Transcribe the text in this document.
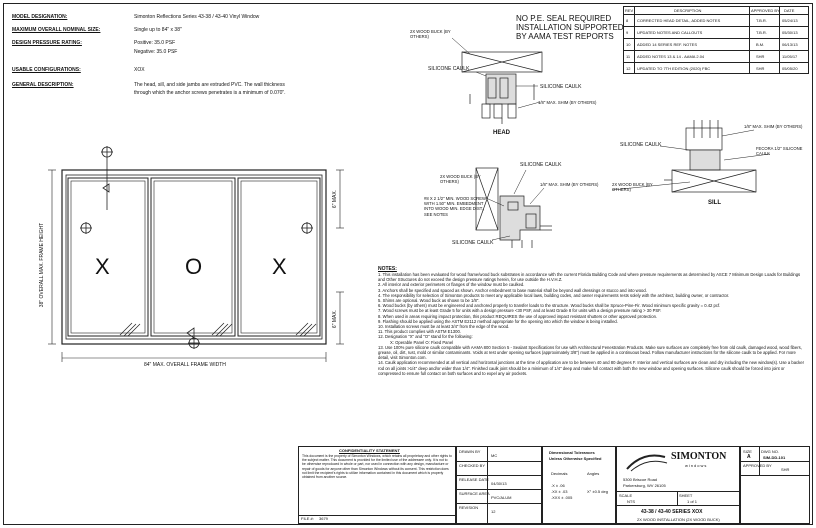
MODEL DESIGNATION:	Simonton Reflections Series 43-38 / 43-40 Vinyl Window
MAXIMUM OVERALL NOMINAL SIZE:	Single up to 84" x 38"
DESIGN PRESSURE RATING:	Positive: 35.0 PSF
Negative: 35.0 PSF
USABLE CONFIGURATIONS:	XOX
GENERAL DESCRIPTION:	The head, sill, and side jambs are extruded PVC. The wall thickness
through which the anchor screws penetrates is a minimum of 0.070".
NO P.E. SEAL REQUIRED
INSTALLATION SUPPORTED
BY AAMA TEST REPORTS
REV	DESCRIPTION	APPROVED BY DATE
8 CORRECTED HEAD DETAIL, ADDED NOTES	T.B.R.	05/24/13
9 UPDATED NOTES AND CALLOUTS	T.B.R.	05/30/13
10 ADDED 14 SERIES REF. NOTES	B.M.	06/13/13
11 ADDED NOTES 13 & 14 - AAMA 2.04	SHR	11/05/17
12 UPDATED TO 7TH EDITION (2020) FBC	SHR	05/05/20
X	O	X
84" MAX. OVERALL FRAME WIDTH
38" OVERALL MAX. FRAME HEIGHT
6" MAX.
6" MAX.
HEAD
SILL
2X WOOD BUCK (BY OTHERS)
SILICONE CAULK
SILICONE CAULK
1/8" MAX. SHIM (BY OTHERS)
SILICONE CAULK
2X WOOD BUCK (BY OTHERS)
1/8" MAX. SHIM (BY OTHERS)
#8 X 2 1/2" MIN. WOOD SCREW WITH 1.50" MIN. EMBEDMENT INTO WOOD MIN. EDGE DIST., SEE NOTES
SILICONE CAULK
SILICONE CAULK
1/8" MAX. SHIM (BY OTHERS)
FECORA 1/2" SILICONE CAULK
2X WOOD BUCK (BY OTHERS)
NOTES:
1. This installation has been evaluated for wood frame/wood buck substrates in accordance with the current Florida Building Code and where pressure requirements as determined by ASCE 7 Minimum Design Loads for Buildings and Other Structures do not exceed the design pressure ratings herein, for use outside the H.V.H.Z.
2. All interior and exterior perimeters or flanges of the window must be caulked.
3. Anchors shall be specified and spaced as shown. Anchor embedment to base material shall be beyond wall dressings or stucco and into wood.
4. The responsibility for selection of Simonton products to meet any applicable local laws, building codes, and owner requirements rests solely with the architect, building owner, or contractor.
5. Shims are optional. Wood buck as shown to be 1/8".
6. Wood bucks (by others) must be engineered and anchored properly to transfer loads to the structure. Wood bucks shall be Spruce-Pine-Fir. Wood minimum specific gravity = 0.42 pcf.
7. Wood screws must be at least Grade 5 for units with a design pressure <30 PSF, and at least Grade 8 for units with a design pressure rating > 30 PSF.
8. When used in areas requiring impact protection, this product REQUIRES the use of approved impact resistant shutters or other approved protection.
9. Flashing should be applied using the ASTM E2112 method appropriate for the opening into which the window is being installed.
10. Installation screws must be at least 3/4" from the edge of the wood.
11. This product complies with ASTM E1300.
12. Designation "X" and "O" stand for the following:
X: Operable Panel O: Fixed Panel
13. Use 100% pure silicone caulk compatible with AAMA 800 Section 5 - Sealant Specifications for use with Architectural Fenestration Products. Make sure surfaces are completely free from old caulk, damaged wood, wood fibers, grease, oil, dirt, rust, mold or similar contaminants. Voids at rest under opening surfaces (approximately 3/8") must be applied in a continuous bead. Follow manufacturer instructions for the silicone caulk to be applied. For more detail, visit Simonton.com.
14. Caulk application recommended at all vertical and horizontal junctions at the time of application are to be between 40 and 80 degrees F. Interior and vertical surfaces are clean and dry including the new window(s). Use a backer rod on all joints >1/4" deep and/or wider than 1/4". Finished caulk joint should be a minimum of 1/4" deep and make full contact with both the new window and opening surfaces. Silicone caulk should be forced into joint or compressed to ensure full contact on both surfaces and to expel any air pockets.
CONFIDENTIALITY STATEMENT
This document is the property of Simonton Windows, which retains all proprietary and other rights to the subject matter. This document is provided for the limited use of the addressee only. It is not to be otherwise reproduced in whole or part, nor used in connection with any design, manufacture or repair of goods for anyone other than Simonton Windows without its consent. This restriction does not limit the recipient's rights to utilize information contained in this document which is properly obtained from another source.
FILE #: 3679
DRAWN BY
MC
CHECKED BY
RELEASE DATE
04/30/13
SURFACE AREA
PVC/ALUM
REVISION
12
Dimensional Tolerances
Unless Otherwise Specified
Decimals	Angles
.X ± .06
.XX ± .03
.XXX ± .005
X° ±0.5 deg
SIMONTON
windows
5300 Briscoe Road
Parkersburg, WV 26105
SCALE
NTS
SHEET
1 of 1
43-38 / 43-40 SERIES XOX
2X WOOD INSTALLATION (2X WOOD BUCK)
SIZE
A
DWG NO.
SIM-DD-101
APPROVED BY
SHR
